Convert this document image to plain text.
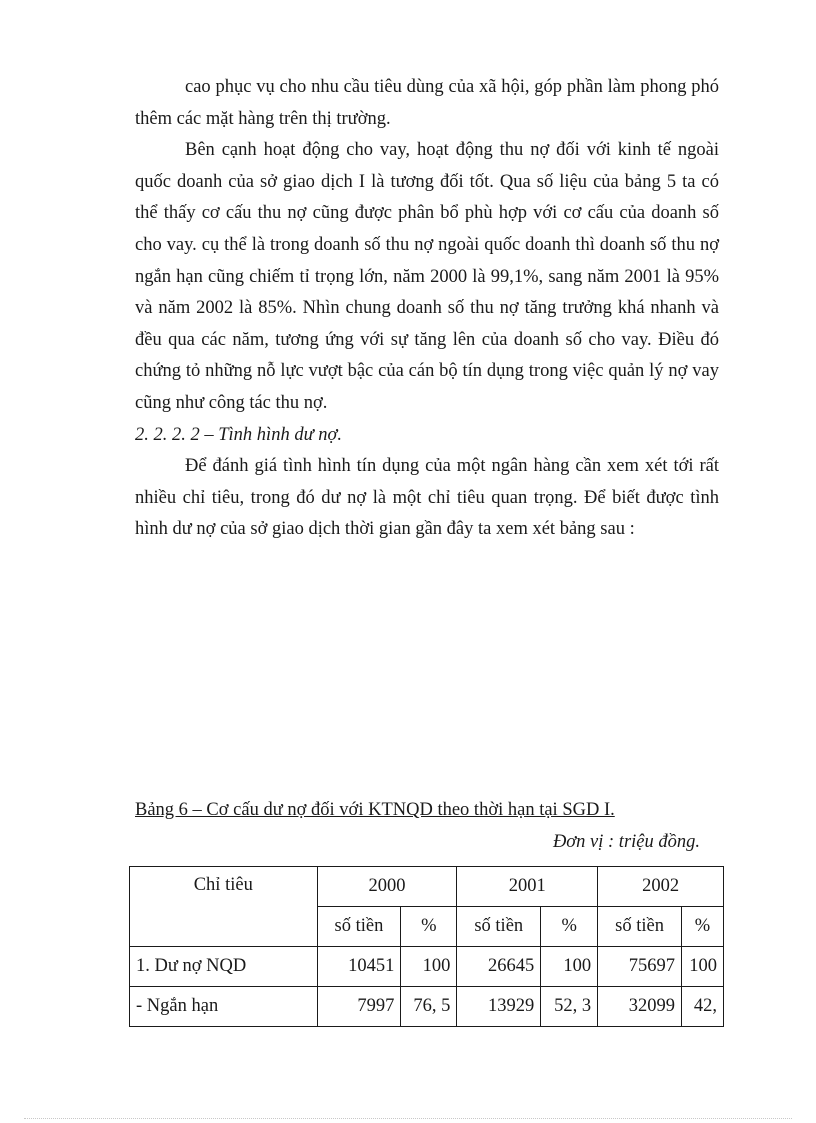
cao phục vụ cho nhu cầu tiêu dùng của xã hội, góp phần làm phong phó thêm các mặt hàng trên thị trường.

Bên cạnh hoạt động cho vay, hoạt động thu nợ đối với kinh tế ngoài quốc doanh của sở giao dịch I là tương đối tốt. Qua số liệu của bảng 5 ta có thể thấy cơ cấu thu nợ cũng được phân bổ phù hợp với cơ cấu của doanh số cho vay. cụ thể là trong doanh số thu nợ ngoài quốc doanh thì doanh số thu nợ ngắn hạn cũng chiếm tỉ trọng lớn, năm 2000 là 99,1%, sang năm 2001 là 95% và năm 2002 là 85%. Nhìn chung doanh số thu nợ tăng trưởng khá nhanh và đều qua các năm, tương ứng với sự tăng lên của doanh số cho vay. Điều đó chứng tỏ những nỗ lực vượt bậc của cán bộ tín dụng trong việc quản lý nợ vay cũng như công tác thu nợ.

2. 2. 2. 2 – Tình hình dư nợ.

Để đánh giá tình hình tín dụng của một ngân hàng cần xem xét tới rất nhiều chỉ tiêu, trong đó dư nợ là một chỉ tiêu quan trọng. Để biết được tình hình dư nợ của sở giao dịch thời gian gần đây ta xem xét bảng sau :

Bảng 6 – Cơ cấu dư nợ đối với KTNQD theo thời hạn tại SGD I.
Đơn vị : triệu đồng.
Chỉ tiêu	2000		2001		2002	
	số tiền	%	số tiền	%	số tiền	%
1. Dư nợ NQD	10451	100	26645	100	75697	100
- Ngắn hạn	7997	76, 5	13929	52, 3	32099	42,
